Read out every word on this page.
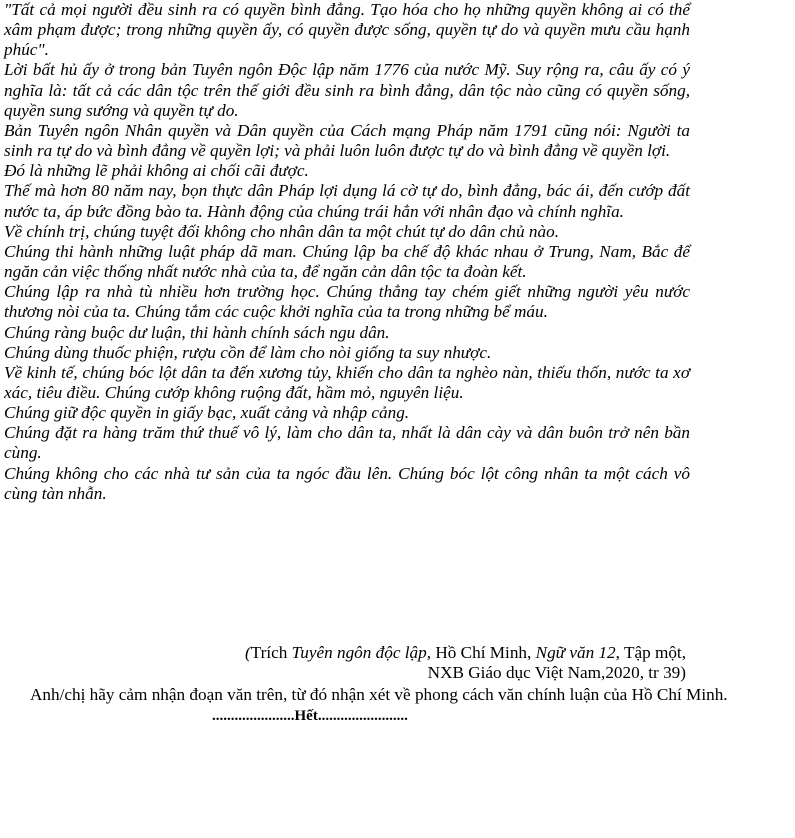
"Tất cả mọi người đều sinh ra có quyền bình đẳng. Tạo hóa cho họ những quyền không ai có thể xâm phạm được; trong những quyền ấy, có quyền được sống, quyền tự do và quyền mưu cầu hạnh phúc".

Lời bất hủ ấy ở trong bản Tuyên ngôn Độc lập năm 1776 của nước Mỹ. Suy rộng ra, câu ấy có ý nghĩa là: tất cả các dân tộc trên thế giới đều sinh ra bình đẳng, dân tộc nào cũng có quyền sống, quyền sung sướng và quyền tự do.

Bản Tuyên ngôn Nhân quyền và Dân quyền của Cách mạng Pháp năm 1791 cũng nói: Người ta sinh ra tự do và bình đẳng về quyền lợi; và phải luôn luôn được tự do và bình đẳng về quyền lợi.

Đó là những lẽ phải không ai chối cãi được.

Thế mà hơn 80 năm nay, bọn thực dân Pháp lợi dụng lá cờ tự do, bình đẳng, bác ái, đến cướp đất nước ta, áp bức đồng bào ta. Hành động của chúng trái hẳn với nhân đạo và chính nghĩa.

Về chính trị, chúng tuyệt đối không cho nhân dân ta một chút tự do dân chủ nào.

Chúng thi hành những luật pháp dã man. Chúng lập ba chế độ khác nhau ở Trung, Nam, Bắc để ngăn cản việc thống nhất nước nhà của ta, để ngăn cản dân tộc ta đoàn kết.

Chúng lập ra nhà tù nhiều hơn trường học. Chúng thẳng tay chém giết những người yêu nước thương nòi của ta. Chúng tắm các cuộc khởi nghĩa của ta trong những bể máu.

Chúng ràng buộc dư luận, thi hành chính sách ngu dân.

Chúng dùng thuốc phiện, rượu cồn để làm cho nòi giống ta suy nhược.

Về kinh tế, chúng bóc lột dân ta đến xương tủy, khiến cho dân ta nghèo nàn, thiếu thốn, nước ta xơ xác, tiêu điều. Chúng cướp không ruộng đất, hầm mỏ, nguyên liệu.

Chúng giữ độc quyền in giấy bạc, xuất cảng và nhập cảng.

Chúng đặt ra hàng trăm thứ thuế vô lý, làm cho dân ta, nhất là dân cày và dân buôn trở nên bần cùng.

Chúng không cho các nhà tư sản của ta ngóc đầu lên. Chúng bóc lột công nhân ta một cách vô cùng tàn nhẫn.

(Trích Tuyên ngôn độc lập, Hồ Chí Minh, Ngữ văn 12, Tập một,
NXB Giáo dục Việt Nam,2020, tr 39)
Anh/chị hãy cảm nhận đoạn văn trên, từ đó nhận xét về phong cách văn chính luận của Hồ Chí Minh.
......................Hết........................
